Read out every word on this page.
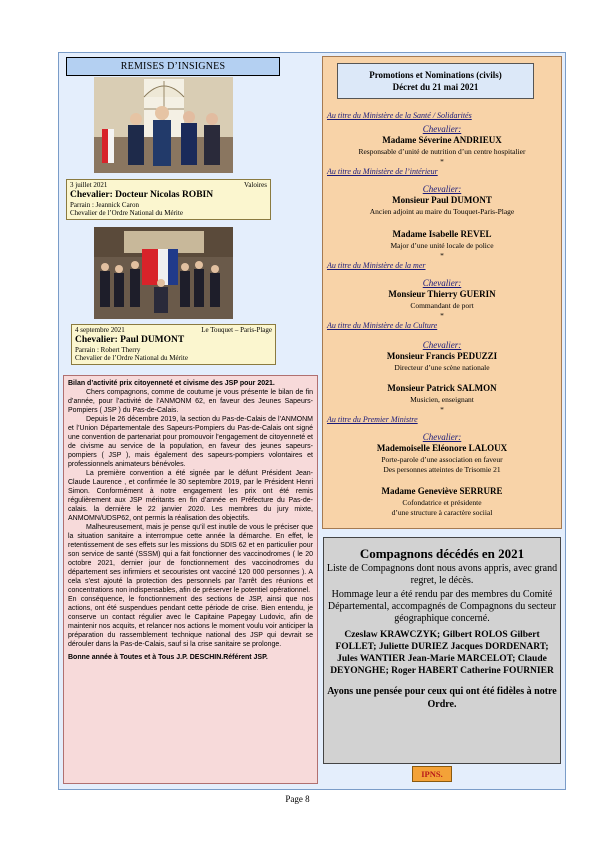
REMISES D’INSIGNES
3 juillet 2021	Valoires
Chevalier: Docteur Nicolas ROBIN
Parrain : Jeannick Caron
Chevalier de l’Ordre National du Mérite
4 septembre 2021	Le Touquet – Paris-Plage
Chevalier: Paul DUMONT
Parrain : Robert Therry
Chevalier de l’Ordre National du Mérite

Bilan d’activité prix citoyenneté et civisme des JSP pour 2021.

Chers compagnons, comme de coutume je vous présente le bilan de fin d’année, pour l’activité de l’ANMONM 62, en faveur des Jeunes Sapeurs-Pompiers ( JSP ) du Pas-de-Calais.

Depuis le 26 décembre 2019, la section du Pas-de-Calais de l’ANMONM et l’Union Départementale des Sapeurs-Pompiers du Pas-de-Calais ont signé une convention de partenariat pour promouvoir l’engagement de citoyenneté et de civisme au service de la population, en faveur des jeunes sapeurs-pompiers ( JSP ), mais également des sapeurs-pompiers volontaires et professionnels animateurs bénévoles.

La première convention a été signée par le défunt Président Jean-Claude Laurence , et confirmée le 30 septembre 2019, par le Président Henri Simon. Conformément à notre engagement les prix ont été remis régulièrement aux JSP méritants en fin d’année en Préfecture du Pas-de-calais. la dernière le 22 janvier 2020. Les membres du jury mixte, ANMOMN/UDSP62, ont permis la réalisation des objectifs.

Malheureusement, mais je pense qu’il est inutile de vous le préciser que la situation sanitaire a interrompue cette année la démarche. En effet, le retentissement de ses effets sur les missions du SDIS 62 et en particulier pour son service de santé (SSSM) qui a fait fonctionner des vaccinodromes ( le 20 octobre 2021, dernier jour de fonctionnement des vaccinodromes du département ses infirmiers et secouristes ont vacciné 120 000 personnes ). A cela s’est ajouté la protection des personnels par l’arrêt des réunions et concentrations non indispensables, afin de préserver le potentiel opérationnel.

En conséquence, le fonctionnement des sections de JSP, ainsi que nos actions, ont été suspendues pendant cette période de crise. Bien entendu, je conserve un contact régulier avec le Capitaine Papegay Ludovic, afin de maintenir nos acquits, et relancer nos actions le moment voulu voir anticiper la préparation du rassemblement technique national des JSP qui devrait se dérouler dans la Pas-de-Calais, sauf si la crise sanitaire se prolonge.

Bonne année à Toutes et à Tous J.P. DESCHIN.Référent JSP.

Promotions et Nominations (civils)
Décret du 21 mai 2021
Au titre du Ministère de la Santé / Solidarités
Chevalier:
Madame Séverine ANDRIEUX
Responsable d’unité de nutrition d’un centre hospitalier
*
Au titre du Ministère de l’intérieur
Chevalier:
Monsieur Paul DUMONT
Ancien adjoint au maire du Touquet-Paris-Plage
Madame Isabelle REVEL
Major d’une unité locale de police
*
Au titre du Ministère de la mer
Chevalier:
Monsieur Thierry GUERIN
Commandant de port
*
Au titre du Ministère de la Culture
Chevalier:
Monsieur Francis PEDUZZI
Directeur d’une scène nationale
Monsieur Patrick SALMON
Musicien, enseignant
*
Au titre du Premier Ministre
Chevalier:
Mademoiselle Eléonore LALOUX
Porte-parole d’une association en faveur
Des personnes atteintes de Trisomie 21
Madame Geneviève SERRURE
Cofondatrice et présidente
d’une structure à caractère sociial
Compagnons décédés en 2021
Liste de Compagnons dont nous avons appris, avec grand regret, le décès.
Hommage leur a été rendu par des membres du Comité Départemental, accompagnés de Compagnons du secteur géographique concerné.
Czeslaw KRAWCZYK; Gilbert ROLOS Gilbert FOLLET; Juliette DURIEZ Jacques DORDENART; Jules WANTIER Jean-Marie MARCELOT; Claude DEYONGHE; Roger HABERT Catherine FOURNIER
Ayons une pensée pour ceux qui ont été fidèles à notre Ordre.
IPNS.
Page 8
